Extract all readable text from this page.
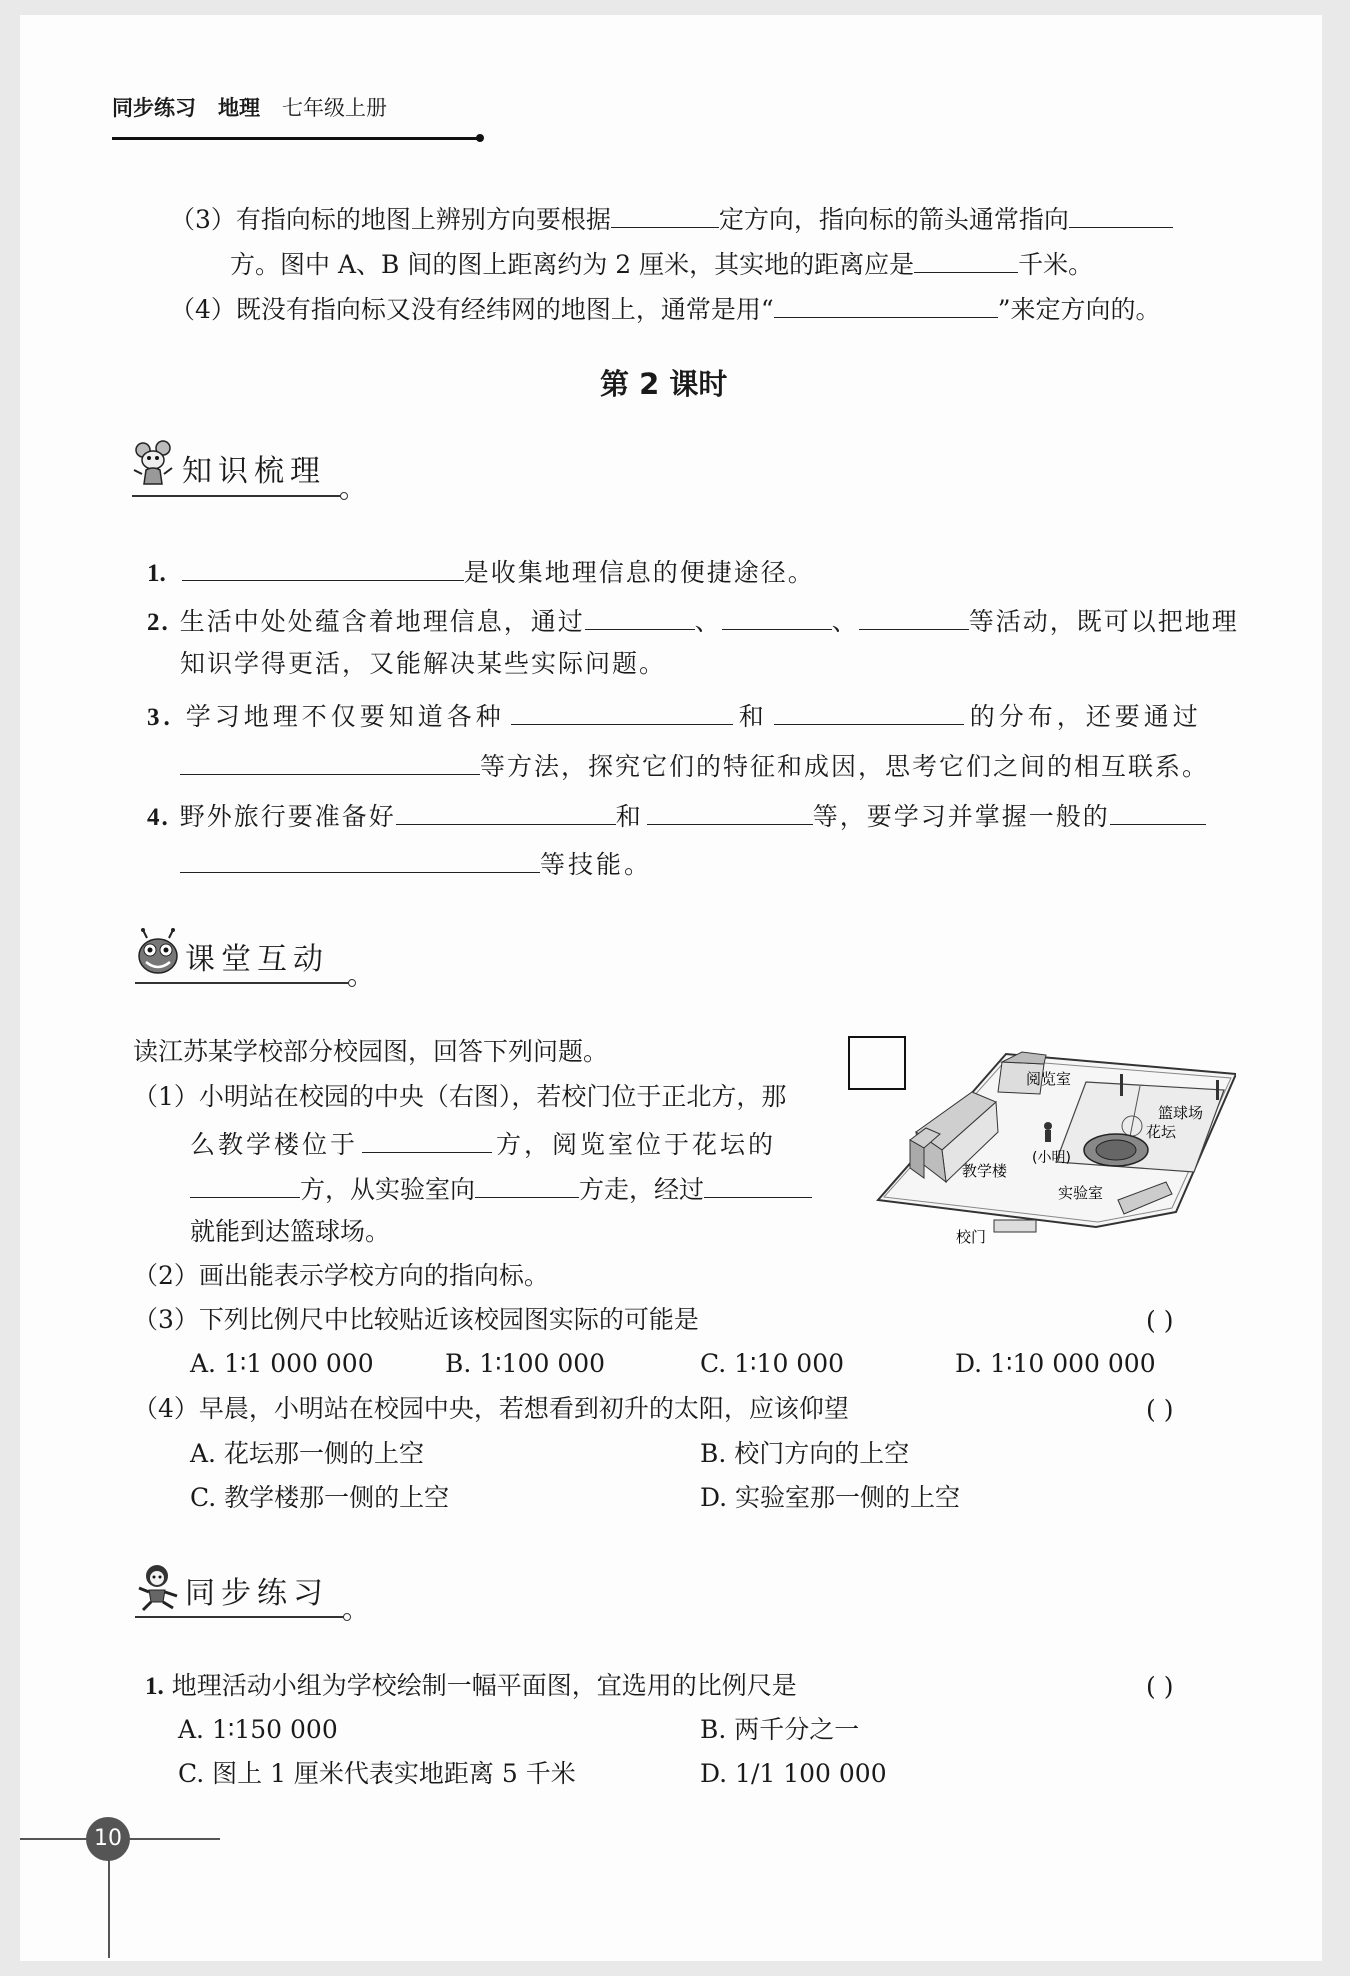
同步练习 地理 七年级上册
（3）有指向标的地图上辨别方向要根据	定方向，指向标的箭头通常指向
方。图中 A、B 间的图上距离约为 2 厘米，其实地的距离应是	千米。
（4）既没有指向标又没有经纬网的地图上，通常是用“	”来定方向的。
第 2 课时
知识梳理
1.	是收集地理信息的便捷途径。
2. 生活中处处蕴含着地理信息，通过	、	、	等活动，既可以把地理
知识学得更活，又能解决某些实际问题。
3. 学习地理不仅要知道各种	和	的分布，还要通过
等方法，探究它们的特征和成因，思考它们之间的相互联系。
4. 野外旅行要准备好	和	等，要学习并掌握一般的
等技能。
课堂互动
读江苏某学校部分校园图，回答下列问题。
（1）小明站在校园的中央（右图），若校门位于正北方，那
么教学楼位于	方，阅览室位于花坛的
方，从实验室向	方走，经过
就能到达篮球场。
（2）画出能表示学校方向的指向标。
阅览室
篮球场
花坛
(小明)
教学楼
实验室
校门
（3）下列比例尺中比较贴近该校园图实际的可能是	( )
A. 1∶1 000 000	B. 1∶100 000	C. 1∶10 000	D. 1∶10 000 000
（4）早晨，小明站在校园中央，若想看到初升的太阳，应该仰望	( )
A. 花坛那一侧的上空	B. 校门方向的上空
C. 教学楼那一侧的上空	D. 实验室那一侧的上空
同步练习
1. 地理活动小组为学校绘制一幅平面图，宜选用的比例尺是	( )
A. 1∶150 000	B. 两千分之一
C. 图上 1 厘米代表实地距离 5 千米	D. 1/1 100 000
10
